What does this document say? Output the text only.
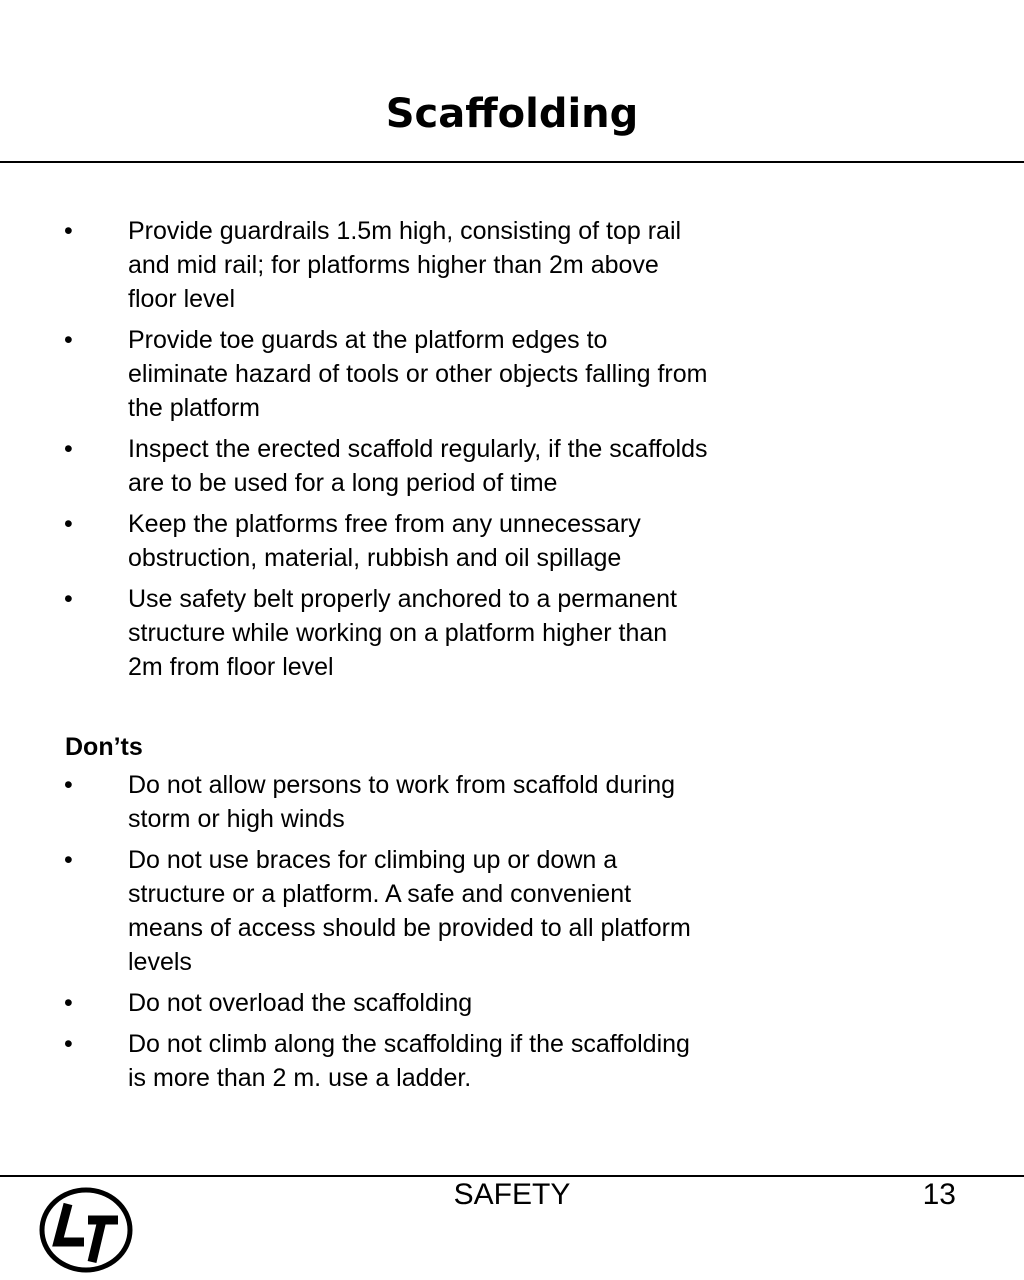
Scaffolding
• Provide guardrails 1.5m high, consisting of top rail and mid rail; for platforms higher than 2m above floor level
• Provide toe guards at the platform edges to eliminate hazard of tools or other objects falling from the platform
• Inspect the erected scaffold regularly, if the scaffolds are to be used for a long period of time
• Keep the platforms free from any unnecessary obstruction, material, rubbish and oil spillage
• Use safety belt properly anchored to a permanent structure while working on a platform higher than 2m from floor level
Don’ts
• Do not allow persons to work from scaffold during storm or high winds
• Do not use braces for climbing up or down a structure or a platform. A safe and convenient means of access should be provided to all platform levels
• Do not overload the scaffolding
• Do not climb along the scaffolding if the scaffolding is more than 2 m. use a ladder.
SAFETY	13
